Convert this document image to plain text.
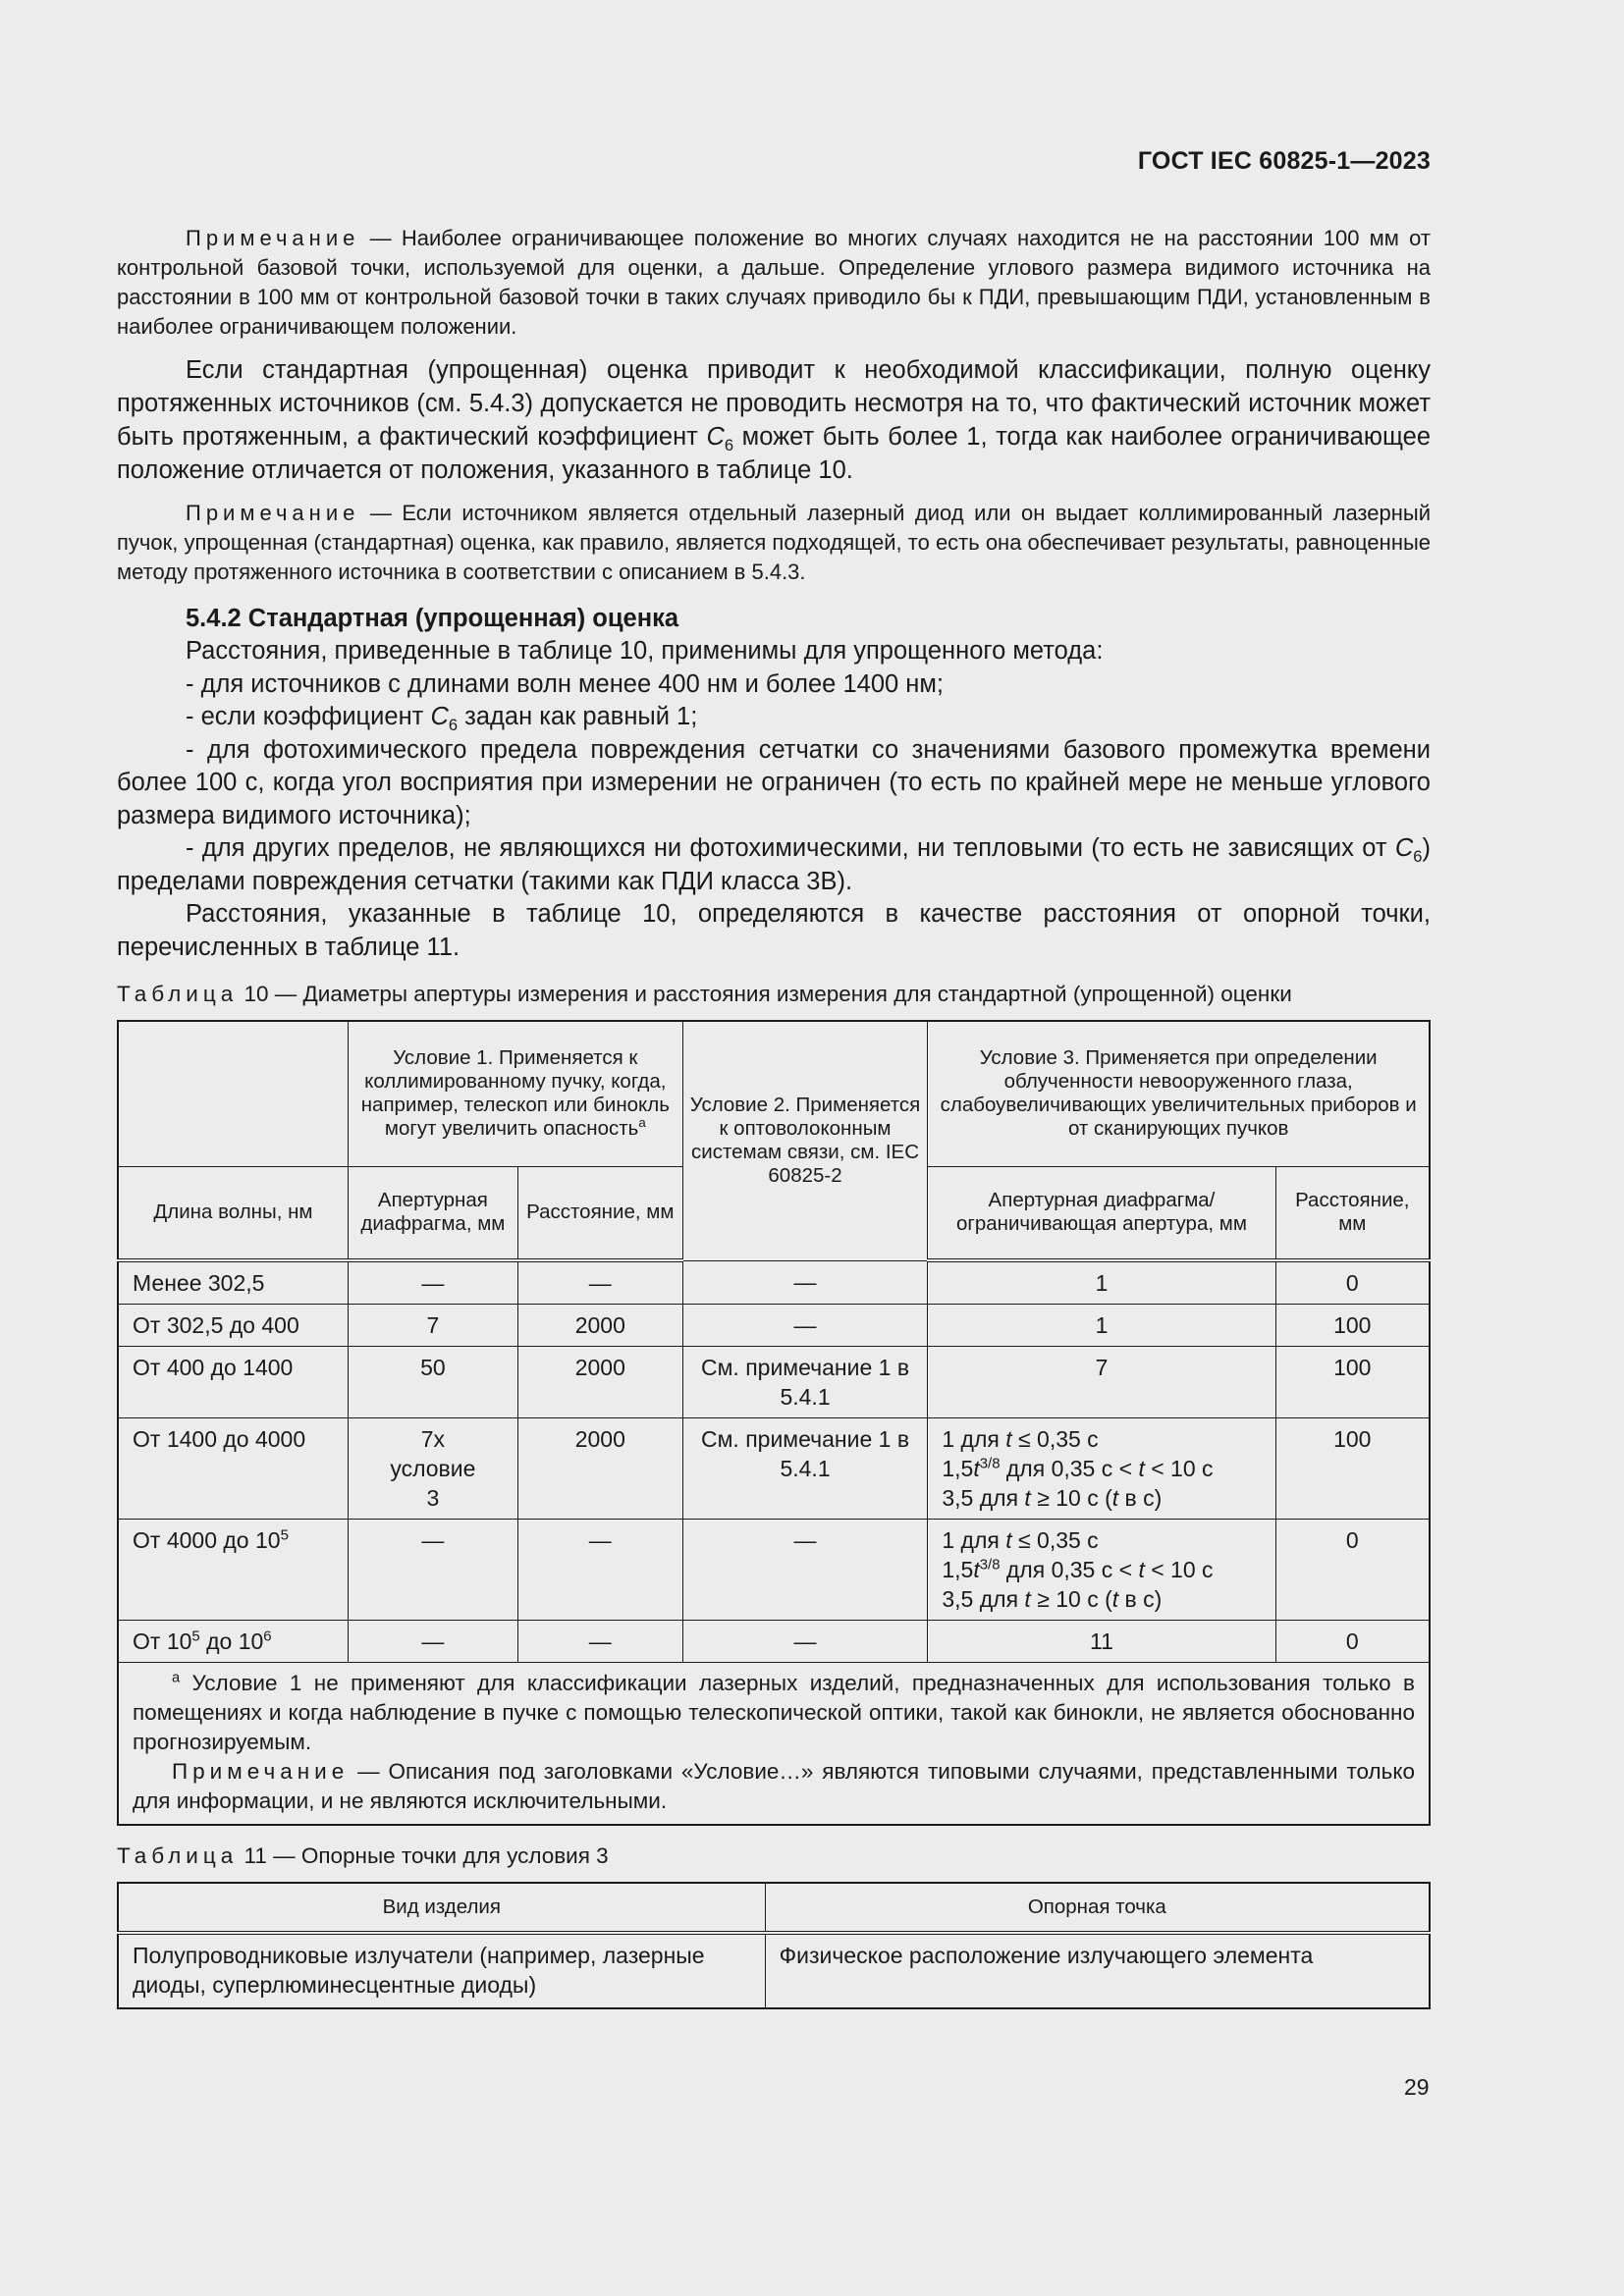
ГОСТ IEC 60825-1—2023

Примечание — Наиболее ограничивающее положение во многих случаях находится не на расстоянии 100 мм от контрольной базовой точки, используемой для оценки, а дальше. Определение углового размера видимого источника на расстоянии в 100 мм от контрольной базовой точки в таких случаях приводило бы к ПДИ, превышающим ПДИ, установленным в наиболее ограничивающем положении.

Если стандартная (упрощенная) оценка приводит к необходимой классификации, полную оценку протяженных источников (см. 5.4.3) допускается не проводить несмотря на то, что фактический источник может быть протяженным, а фактический коэффициент $C_6$ может быть более 1, тогда как наиболее ограничивающее положение отличается от положения, указанного в таблице 10.

Примечание — Если источником является отдельный лазерный диод или он выдает коллимированный лазерный пучок, упрощенная (стандартная) оценка, как правило, является подходящей, то есть она обеспечивает результаты, равноценные методу протяженного источника в соответствии с описанием в 5.4.3.

5.4.2 Стандартная (упрощенная) оценка

Расстояния, приведенные в таблице 10, применимы для упрощенного метода:

- для источников с длинами волн менее 400 нм и более 1400 нм;

- если коэффициент $C_6$ задан как равный 1;

- для фотохимического предела повреждения сетчатки со значениями базового промежутка времени более 100 с, когда угол восприятия при измерении не ограничен (то есть по крайней мере не меньше углового размера видимого источника);

- для других пределов, не являющихся ни фотохимическими, ни тепловыми (то есть не зависящих от $C_6$) пределами повреждения сетчатки (такими как ПДИ класса 3В).

Расстояния, указанные в таблице 10, определяются в качестве расстояния от опорной точки, перечисленных в таблице 11.

Таблица 10 — Диаметры апертуры измерения и расстояния измерения для стандартной (упрощенной) оценки
	Условие 1. Применяется к коллимированному пучку, когда, например, телескоп или бинокль могут увеличить опасность$^a$		Условие 2. Применяется к оптоволоконным системам связи, см. IEC 60825-2	Условие 3. Применяется при определении облученности невооруженного глаза, слабоувеличивающих увеличительных приборов и от сканирующих пучков	
Длина волны, нм	Апертурная диафрагма, мм	Расстояние, мм		Апертурная диафрагма/ограничивающая апертура, мм	Расстояние, мм
Менее 302,5	—	—	—	1	0
От 302,5 до 400	7	2000	—	1	100
От 400 до 1400	50	2000	См. примечание 1 в 5.4.1	7	100
От 1400 до 4000	7х условие 3	2000	См. примечание 1 в 5.4.1	1 для t ≤ 0,35 с
$1,5t^{3/8}$ для 0,35 с < t < 10 с
3,5 для t ≥ 10 с (t в с)	100
От 4000 до $10^5$	—	—	—	1 для t ≤ 0,35 с
$1,5t^{3/8}$ для 0,35 с < t < 10 с
3,5 для t ≥ 10 с (t в с)	0
От $10^5$ до $10^6$	—	—	—	11	0

$^a$ Условие 1 не применяют для классификации лазерных изделий, предназначенных для использования только в помещениях и когда наблюдение в пучке с помощью телескопической оптики, такой как бинокли, не является обоснованно прогнозируемым.

Примечание — Описания под заголовками «Условие…» являются типовыми случаями, представленными только для информации, и не являются исключительными.					

Таблица 11 — Опорные точки для условия 3
Вид изделия	Опорная точка
Полупроводниковые излучатели (например, лазерные диоды, суперлюминесцентные диоды)	Физическое расположение излучающего элемента
29
